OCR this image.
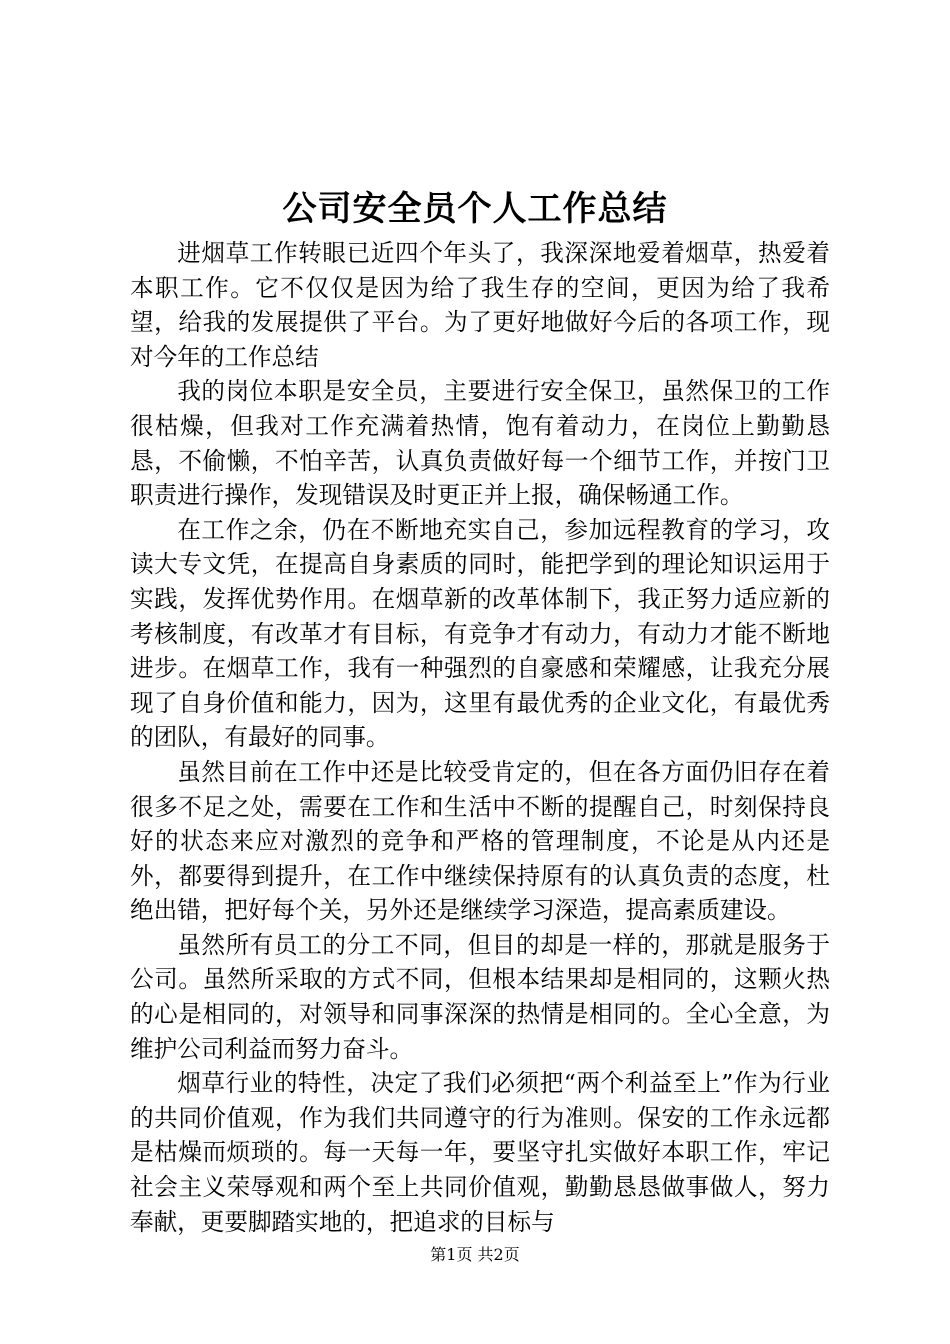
公司安全员个人工作总结

进烟草工作转眼已近四个年头了，我深深地爱着烟草，热爱着本职工作。它不仅仅是因为给了我生存的空间，更因为给了我希望，给我的发展提供了平台。为了更好地做好今后的各项工作，现对今年的工作总结

我的岗位本职是安全员，主要进行安全保卫，虽然保卫的工作很枯燥，但我对工作充满着热情，饱有着动力，在岗位上勤勤恳恳，不偷懒，不怕辛苦，认真负责做好每一个细节工作，并按门卫职责进行操作，发现错误及时更正并上报，确保畅通工作。

在工作之余，仍在不断地充实自己，参加远程教育的学习，攻读大专文凭，在提高自身素质的同时，能把学到的理论知识运用于实践，发挥优势作用。在烟草新的改革体制下，我正努力适应新的考核制度，有改革才有目标，有竞争才有动力，有动力才能不断地进步。在烟草工作，我有一种强烈的自豪感和荣耀感，让我充分展现了自身价值和能力，因为，这里有最优秀的企业文化，有最优秀的团队，有最好的同事。

虽然目前在工作中还是比较受肯定的，但在各方面仍旧存在着很多不足之处，需要在工作和生活中不断的提醒自己，时刻保持良好的状态来应对激烈的竞争和严格的管理制度，不论是从内还是外，都要得到提升，在工作中继续保持原有的认真负责的态度，杜绝出错，把好每个关，另外还是继续学习深造，提高素质建设。

虽然所有员工的分工不同，但目的却是一样的，那就是服务于公司。虽然所采取的方式不同，但根本结果却是相同的，这颗火热的心是相同的，对领导和同事深深的热情是相同的。全心全意，为维护公司利益而努力奋斗。

烟草行业的特性，决定了我们必须把“两个利益至上”作为行业的共同价值观，作为我们共同遵守的行为准则。保安的工作永远都是枯燥而烦琐的。每一天每一年，要坚守扎实做好本职工作，牢记社会主义荣辱观和两个至上共同价值观，勤勤恳恳做事做人，努力奉献，更要脚踏实地的，把追求的目标与

第1页 共2页
